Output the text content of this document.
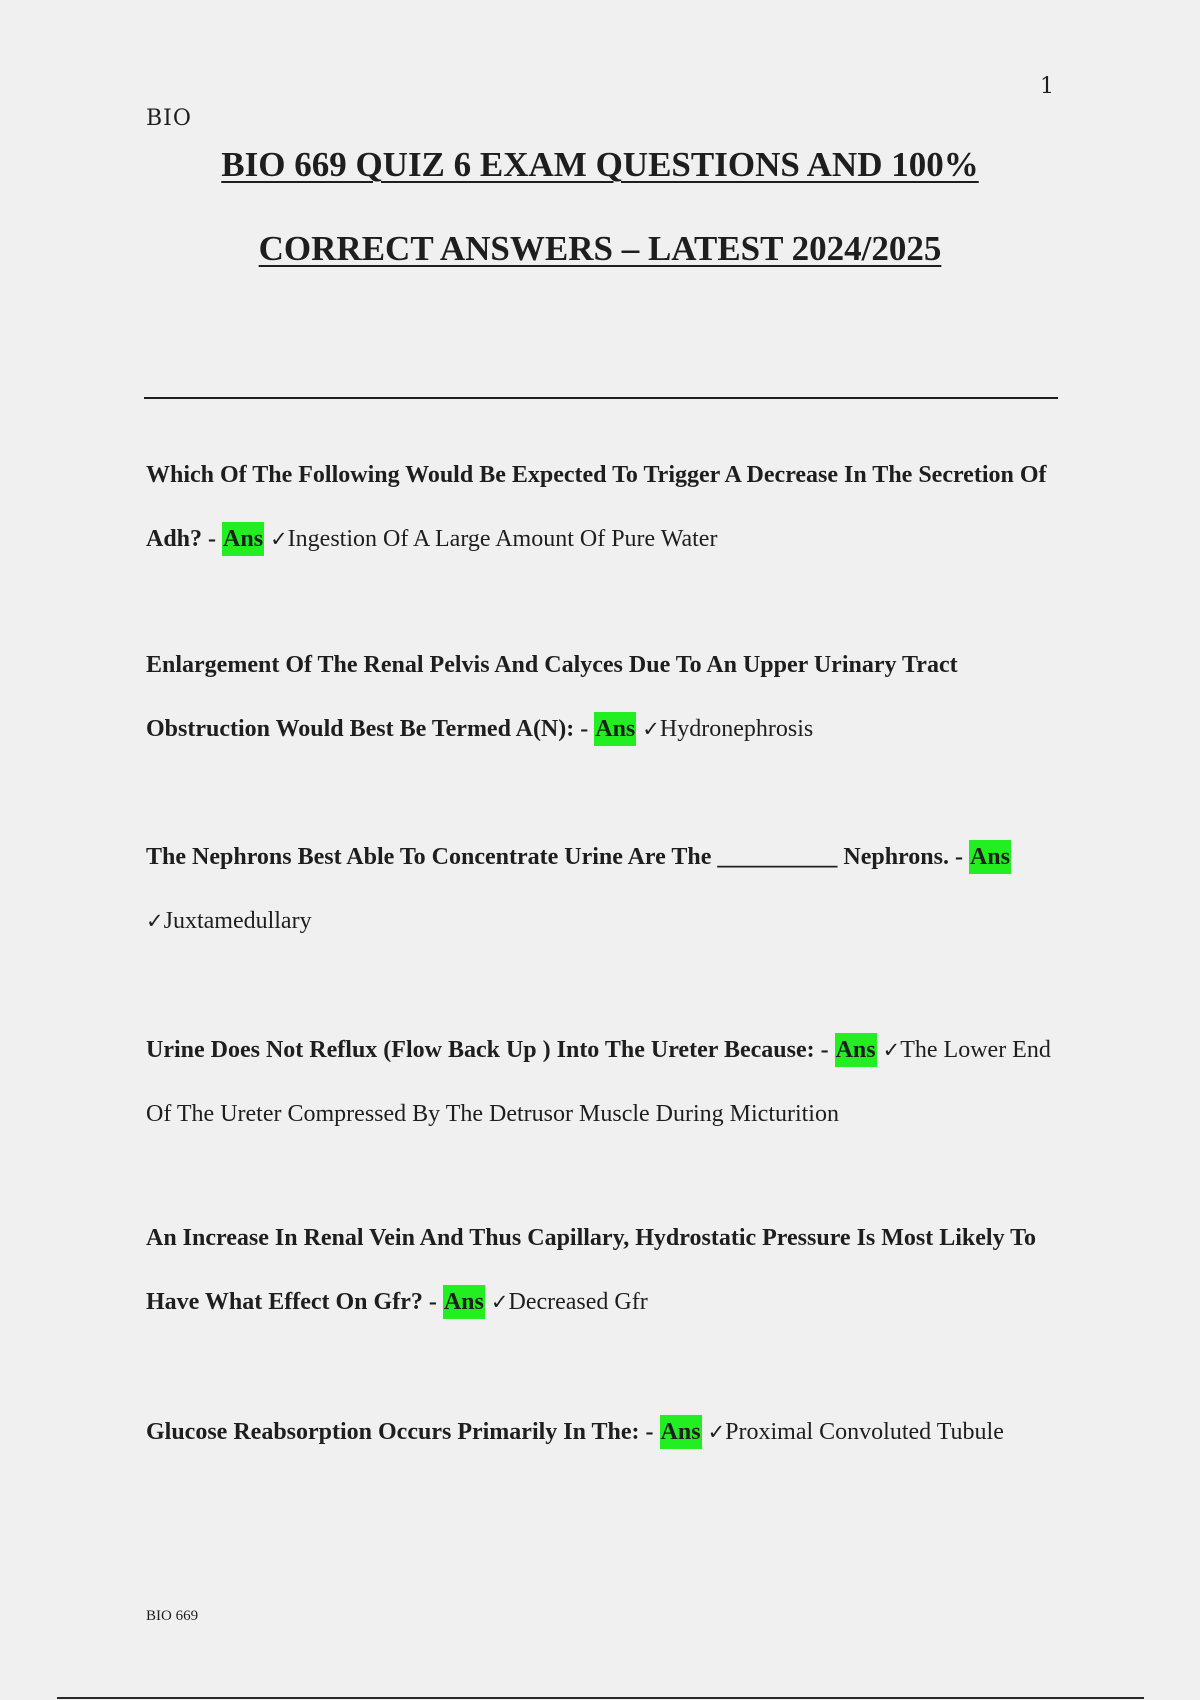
1
BIO
BIO 669 QUIZ 6 EXAM QUESTIONS AND 100%
CORRECT ANSWERS – LATEST 2024/2025
Which Of The Following Would Be Expected To Trigger A Decrease In The Secretion Of Adh? - Ans ✓Ingestion Of A Large Amount Of Pure Water
Enlargement Of The Renal Pelvis And Calyces Due To An Upper Urinary Tract Obstruction Would Best Be Termed A(N): - Ans ✓Hydronephrosis
The Nephrons Best Able To Concentrate Urine Are The __________ Nephrons. - Ans ✓Juxtamedullary
Urine Does Not Reflux (Flow Back Up ) Into The Ureter Because: - Ans ✓The Lower End Of The Ureter Compressed By The Detrusor Muscle During Micturition
An Increase In Renal Vein And Thus Capillary, Hydrostatic Pressure Is Most Likely To Have What Effect On Gfr? - Ans ✓Decreased Gfr
Glucose Reabsorption Occurs Primarily In The: - Ans ✓Proximal Convoluted Tubule
BIO 669
